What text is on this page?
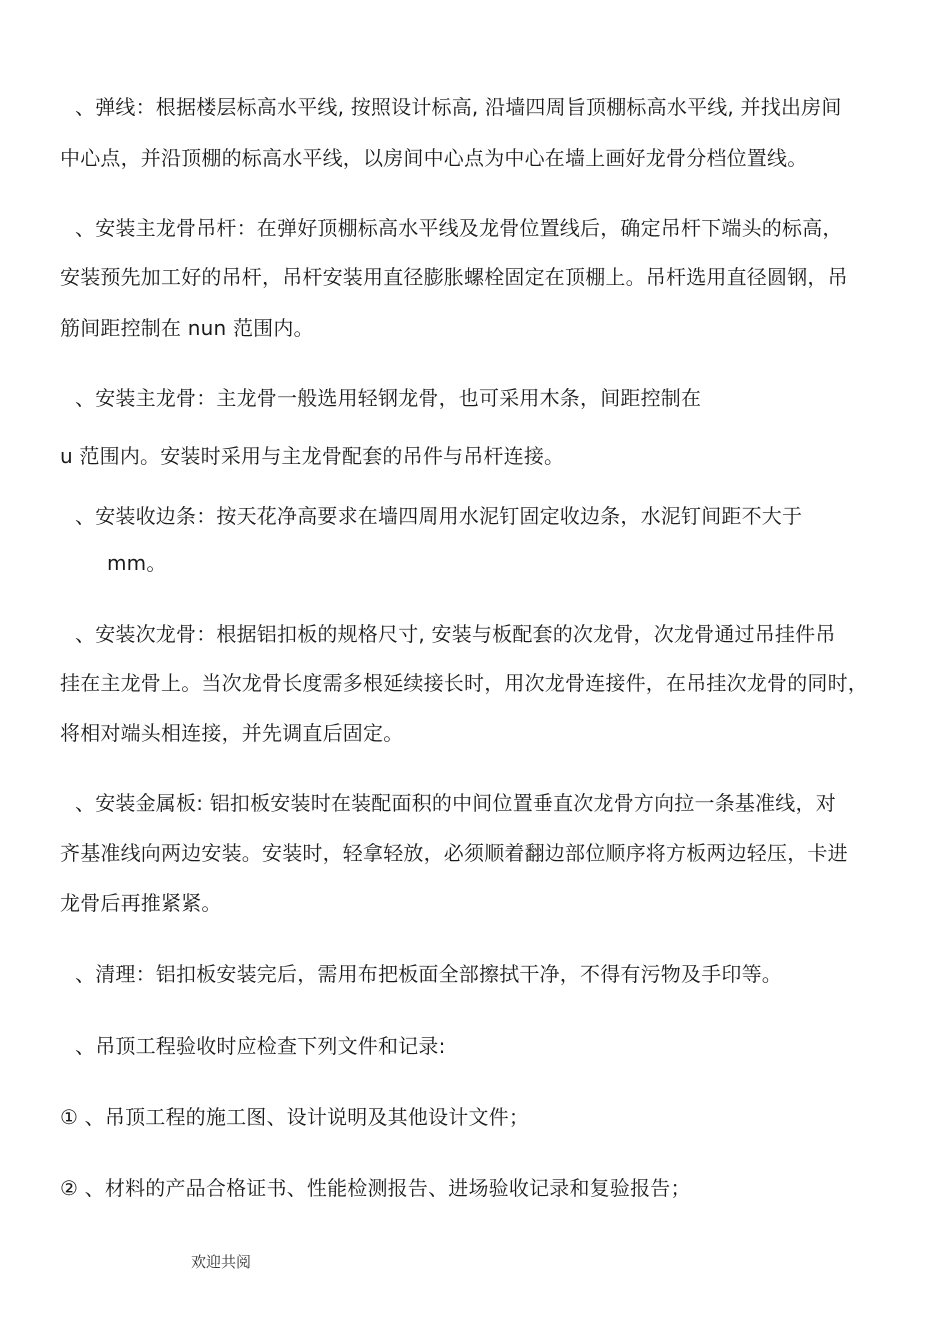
、弹线：根据楼层标高水平线, 按照设计标高, 沿墙四周旨顶棚标高水平线, 并找出房间
中心点，并沿顶棚的标高水平线，以房间中心点为中心在墙上画好龙骨分档位置线。
、安装主龙骨吊杆：在弹好顶棚标高水平线及龙骨位置线后，确定吊杆下端头的标高，
安装预先加工好的吊杆，吊杆安装用直径膨胀螺栓固定在顶棚上。吊杆选用直径圆钢，吊
筋间距控制在 nun 范围内。
、安装主龙骨：主龙骨一般选用轻钢龙骨，也可采用木条，间距控制在
u 范围内。安装时采用与主龙骨配套的吊件与吊杆连接。
、安装收边条：按天花净高要求在墙四周用水泥钉固定收边条，水泥钉间距不大于
mm。
、安装次龙骨：根据铝扣板的规格尺寸, 安装与板配套的次龙骨，次龙骨通过吊挂件吊
挂在主龙骨上。当次龙骨长度需多根延续接长时，用次龙骨连接件，在吊挂次龙骨的同时，
将相对端头相连接，并先调直后固定。
、安装金属板: 铝扣板安装时在装配面积的中间位置垂直次龙骨方向拉一条基准线，对
齐基准线向两边安装。安装时，轻拿轻放，必须顺着翻边部位顺序将方板两边轻压，卡进
龙骨后再推紧紧。
、清理：铝扣板安装完后，需用布把板面全部擦拭干净，不得有污物及手印等。
、吊顶工程验收时应检查下列文件和记录:
① 、吊顶工程的施工图、设计说明及其他设计文件；
② 、材料的产品合格证书、性能检测报告、进场验收记录和复验报告；
欢迎共阅
